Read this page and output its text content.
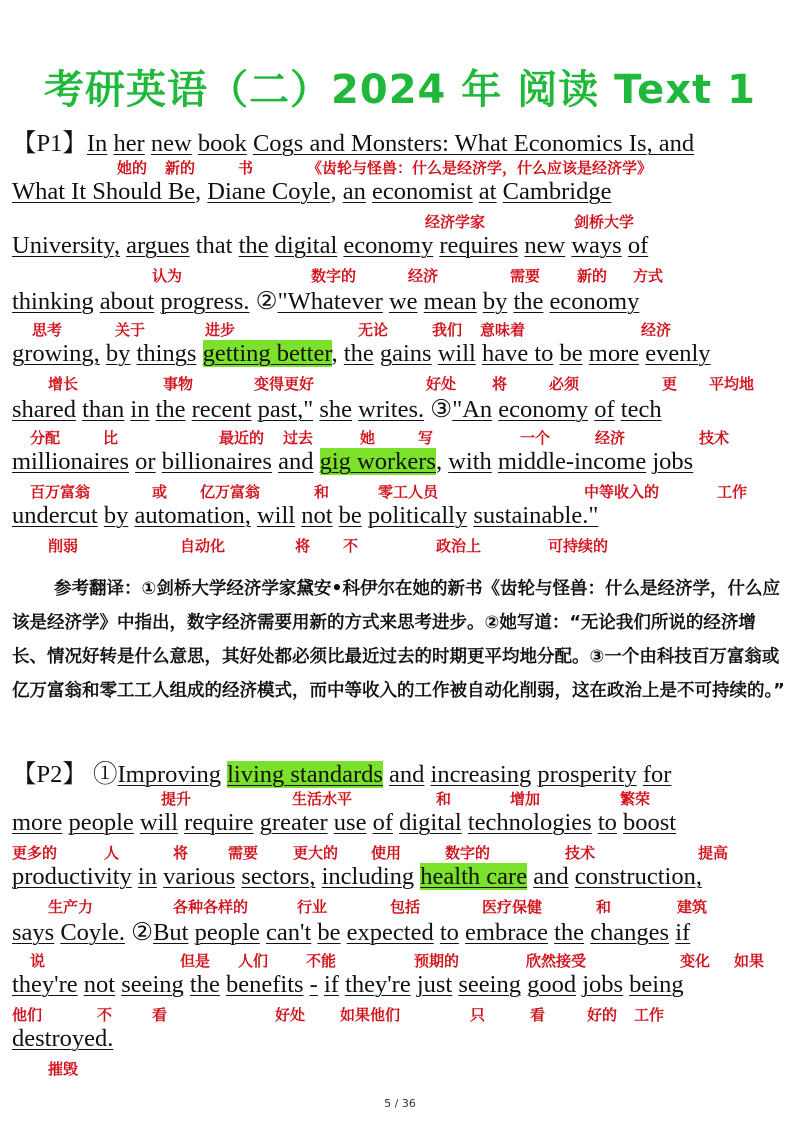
考研英语（二）2024 年 阅读 Text 1
【P1】In her new book Cogs and Monsters: What Economics Is, and
她的 新的	书	《齿轮与怪兽：什么是经济学，什么应该是经济学》
What It Should Be, Diane Coyle, an economist at Cambridge
经济学家	剑桥大学
University, argues that the digital economy requires new ways of
认为	数字的	经济	需要 新的 方式
thinking about progress. ②"Whatever we mean by the economy
思考	关于	进步	无论	我们 意味着	经济
growing, by things getting better, the gains will have to be more evenly
增长	事物	变得更好	好处 将	必须	更 平均地
shared than in the recent past," she writes. ③"An economy of tech
分配	比	最近的 过去	她	写	一个	经济	技术
millionaires or billionaires and gig workers, with middle-income jobs
百万富翁	或 亿万富翁	和	零工人员	中等收入的	工作
undercut by automation, will not be politically sustainable."
削弱	自动化	将 不	政治上	可持续的
参考翻译：①剑桥大学经济学家黛安•科伊尔在她的新书《齿轮与怪兽：什么是经济学，什么应该是经济学》中指出，数字经济需要用新的方式来思考进步。②她写道：“无论我们所说的经济增长、情况好转是什么意思，其好处都必须比最近过去的时期更平均地分配。③一个由科技百万富翁或亿万富翁和零工工人组成的经济模式，而中等收入的工作被自动化削弱，这在政治上是不可持续的。”
【P2】 ①Improving living standards and increasing prosperity for
提升	生活水平	和	增加	繁荣
more people will require greater use of digital technologies to boost
更多的	人	将	需要 更大的 使用	数字的	技术	提高
productivity in various sectors, including health care and construction,
生产力	各种各样的	行业	包括	医疗保健	和	建筑
says Coyle. ②But people can't be expected to embrace the changes if
说	但是 人们	不能	预期的	欣然接受	变化 如果
they're not seeing the benefits - if they're just seeing good jobs being
他们	不	看	好处 如果他们	只	看	好的 工作
destroyed.
摧毁
5 / 36
